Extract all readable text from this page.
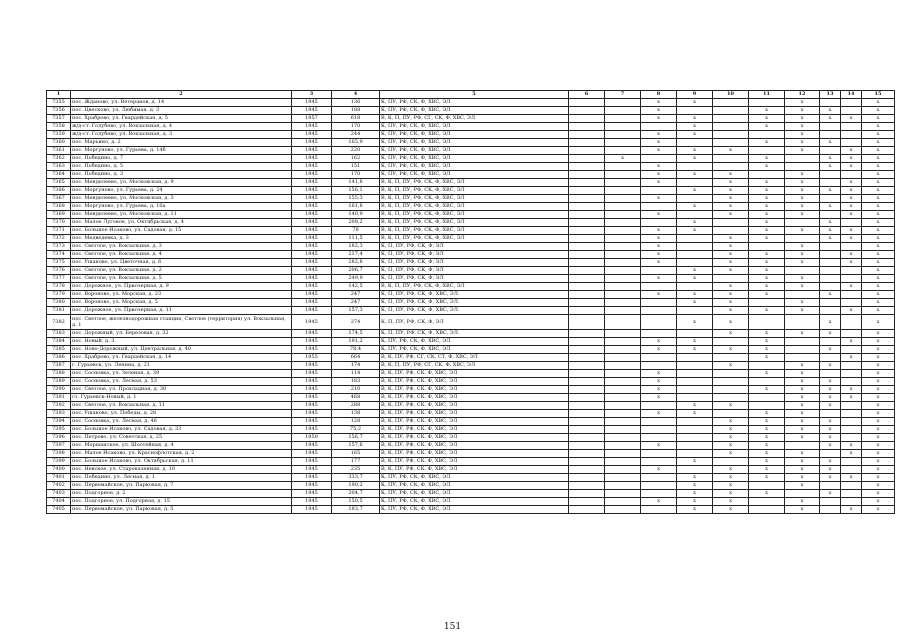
1	2	3	4	5	6	7	8	9	10	11	12	13	14	15
7355	пос. Жданово, ул. Ветеранов, д. 14	1945	136	К, ПУ, РФ, СК, Ф, ХВС, ЭЛ			x	x			x			x
7356	пос. Цветково, ул. Любимая, д. 3	1945	188	К, ПУ, РФ, СК, Ф, ХВС, ЭЛ			x			x	x	x		x
7357	пос. Храброво, ул. Гвардейская, д. 5	1957	618	В, К, П, ПУ, РФ, СГ, СК, Ф, ХВС, ЭЛ			x	x		x	x	x	x	x
7358	ж/д-ст. Голубево, ул. Вокзальная, д. 4	1945	170	К, ПУ, РФ, СК, Ф, ХВС, ЭЛ				x		x	x			x
7359	ж/д-ст. Голубево, ул. Вокзальная, д. 3	1945	244	К, ПУ, РФ, СК, Ф, ХВС, ЭЛ			x	x			x			x
7360	пос. Марьино, д. 2	1945	165,9	К, ПУ, РФ, СК, Ф, ХВС, ЭЛ			x			x	x	x		x
7361	пос. Моргуново, ул. Гурьева, д. 14б	1945	220	К, ПУ, РФ, СК, Ф, ХВС, ЭЛ			x	x	x		x		x	x
7362	пос. Победино, д. 7	1945	162	К, ПУ, РФ, СК, Ф, ХВС, ЭЛ		x		x		x		x	x	x
7363	пос. Победино, д. 5	1945	151	К, ПУ, РФ, СК, Ф, ХВС, ЭЛ			x			x		x	x	x
7364	пос. Победино, д. 3	1945	170	К, ПУ, РФ, СК, Ф, ХВС, ЭЛ			x	x	x		x			x
7365	пос. Менделеево, ул. Московская, д. 9	1945	141,8	В, К, П, ПУ, РФ, СК, Ф, ХВС, ЭЛ			x		x	x	x		x	x
7366	пос. Моргуново, ул. Гурьева, д. 24	1945	156,1	В, К, П, ПУ, РФ, СК, Ф, ХВС, ЭЛ				x	x	x	x	x	x	x
7367	пос. Менделеево, ул. Московская, д. 3	1945	155,3	В, К, П, ПУ, РФ, СК, Ф, ХВС, ЭЛ			x		x	x	x		x	x
7368	пос. Моргуново, ул. Гурьева, д. 10а	1945	161,8	В, К, П, ПУ, РФ, СК, Ф, ХВС, ЭЛ				x	x	x	x	x	x	x
7369	пос. Менделеево, ул. Московская, д. 11	1945	140,9	В, К, П, ПУ, РФ, СК, Ф, ХВС, ЭЛ			x		x	x	x		x	x
7370	пос. Малое Луговое, ул. Октябрьская, д. 4	1945	208,2	В, К, П, ПУ, РФ, СК, Ф, ХВС, ЭЛ				x		x		x		x
7371	пос. Большое Исаково, ул. Садовая, д. 15	1945	78	В, К, П, ПУ, РФ, СК, Ф, ХВС, ЭЛ			x	x		x	x	x	x	x
7372	пос. Медведевка, д. 3	1945	111,5	В, К, П, ПУ, РФ, СК, Ф, ХВС, ЭЛ			x		x	x		x	x	x
7373	пос. Светлое, ул. Вокзальная, д. 3	1945	182,3	К, П, ПУ, РФ, СК, Ф, ЭЛ			x		x		x			x
7374	пос. Светлое, ул. Вокзальная, д. 4	1945	217,4	К, П, ПУ, РФ, СК, Ф, ЭЛ			x		x	x	x		x	x
7375	пос. Ушаково, ул. Цветочная, д. 6	1945	282,8	К, П, ПУ, РФ, СК, Ф, ЭЛ			x		x	x	x		x	x
7376	пос. Светлое, ул. Вокзальная, д. 2	1945	206,7	К, П, ПУ, РФ, СК, Ф, ЭЛ				x	x	x				x
7377	пос. Светлое, ул. Вокзальная, д. 5	1945	249,9	К, П, ПУ, РФ, СК, Ф, ЭЛ			x	x		x	x			x
7378	пос. Дорожное, ул. Приозерная, д. 9	1945	142,5	В, К, П, ПУ, РФ, СК, Ф, ХВС, ЭЛ					x	x	x		x	x
7379	пос. Вороново, ул. Морская, д. 23	1945	247	К, П, ПУ, РФ, СК, Ф, ХВС, ЭЛ			x	x	x	x		x		x
7380	пос. Вороново, ул. Морская, д. 5	1945	247	К, П, ПУ, РФ, СК, Ф, ХВС, ЭЛ				x	x		x			x
7381	пос. Дорожное, ул. Приозерная, д. 11	1945	157,3	К, П, ПУ, РФ, СК, Ф, ХВС, ЭЛ					x	x	x		x	x
7382	пос. Светлое, железнодорожная станция, Светлое (территория) ул. Вокзальная, д. 1	1945	274	К, П, ПУ, РФ, СК, Ф, ЭЛ				x	x			x		x
7383	пос. Дорожный, ул. Березовая, д. 32	1945	174,5	К, П, ПУ, РФ, СК, Ф, ХВС, ЭЛ					x	x	x	x		x
7384	пос. Новый, д. 3	1945	191,2	К, ПУ, РФ, СК, Ф, ХВС, ЭЛ			x	x		x			x	x
7385	пос. Ново-Дорожный, ул. Центральная, д. 40	1945	78,4	К, ПУ, РФ, СК, Ф, ХВС, ЭЛ			x	x	x	x		x		x
7386	пос. Храброво, ул. Гвардейская, д. 14	1955	664	В, К, ПУ, РФ, СГ, СК, СТ, Ф, ХВС, ЭЛ						x			x	x
7387	г. Гурьевск, ул. Ленина, д. 21	1945	174	В, К, П, ПУ, РФ, СГ, СК, Ф, ХВС, ЭЛ					x		x	x		x
7388	пос. Сосновка, ул. Зеленая, д. 39	1945	114	В, К, ПУ, РФ, СК, Ф, ХВС, ЭЛ			x			x	x			x
7389	пос. Сосновка, ул. Лесная, д. 53	1945	183	В, К, ПУ, РФ, СК, Ф, ХВС, ЭЛ			x				x	x		x
7390	пос. Светлое, ул. Прохладная, д. 30	1945	210	В, К, ПУ, РФ, СК, Ф, ХВС, ЭЛ			x			x	x	x	x	x
7391	ст. Гурьевск-Новый, д. 1	1945	468	В, К, ПУ, РФ, СК, Ф, ХВС, ЭЛ			x				x	x	x	x
7392	пос. Светлое, ул. Вокзальная, д. 11	1945	288	В, К, ПУ, РФ, СК, Ф, ХВС, ЭЛ				x	x		x	x		x
7393	пос. Ушаково, ул. Победы, д. 28	1945	138	В, К, ПУ, РФ, СК, Ф, ХВС, ЭЛ			x	x		x	x			x
7394	пос. Сосновка, ул. Лесная, д. 46	1945	128	В, К, ПУ, РФ, СК, Ф, ХВС, ЭЛ					x	x	x	x		x
7395	пос. Большое Исаково, ул. Садовая, д. 33	1945	75,2	В, К, ПУ, РФ, СК, Ф, ХВС, ЭЛ					x	x	x	x		x
7396	пос. Петрово, ул. Советская, д. 25	1950	156,7	В, К, ПУ, РФ, СК, Ф, ХВС, ЭЛ					x	x	x	x		x
7397	пос. Моршанское, ул. Шоссейная, д. 4	1945	157,6	В, К, ПУ, РФ, СК, Ф, ХВС, ЭЛ			x		x	x		x	x	x
7398	пос. Малое Исаково, ул. Краснофлотская, д. 2	1945	165	В, К, ПУ, РФ, СК, Ф, ХВС, ЭЛ					x	x	x		x	x
7399	пос. Большое Исаково, ул. Октябрьская, д. 11	1945	177	В, К, ПУ, РФ, СК, Ф, ХВС, ЭЛ				x		x	x	x		x
7400	пос. Невское, ул. Староказенная, д. 10	1945	235	В, К, ПУ, РФ, СК, Ф, ХВС, ЭЛ			x		x	x	x	x		x
7401	пос. Победино, ул. Лесная, д. 1	1945	333,7	К, ПУ, РФ, СК, Ф, ХВС, ЭЛ				x	x	x	x	x	x	x
7402	пос. Первомайское, ул. Парковая, д. 7	1945	190,2	К, ПУ, РФ, СК, Ф, ХВС, ЭЛ				x	x		x			x
7403	пос. Подгорное, д. 2	1945	204,7	К, ПУ, РФ, СК, Ф, ХВС, ЭЛ				x	x	x		x		x
7404	пос. Подгорное, ул. Подгорная, д. 15	1945	150,5	К, ПУ, РФ, СК, Ф, ХВС, ЭЛ			x	x	x		x			x
7405	пос. Первомайское, ул. Парковая, д. 5	1945	183,7	К, ПУ, РФ, СК, Ф, ХВС, ЭЛ				x	x		x		x	x
151
